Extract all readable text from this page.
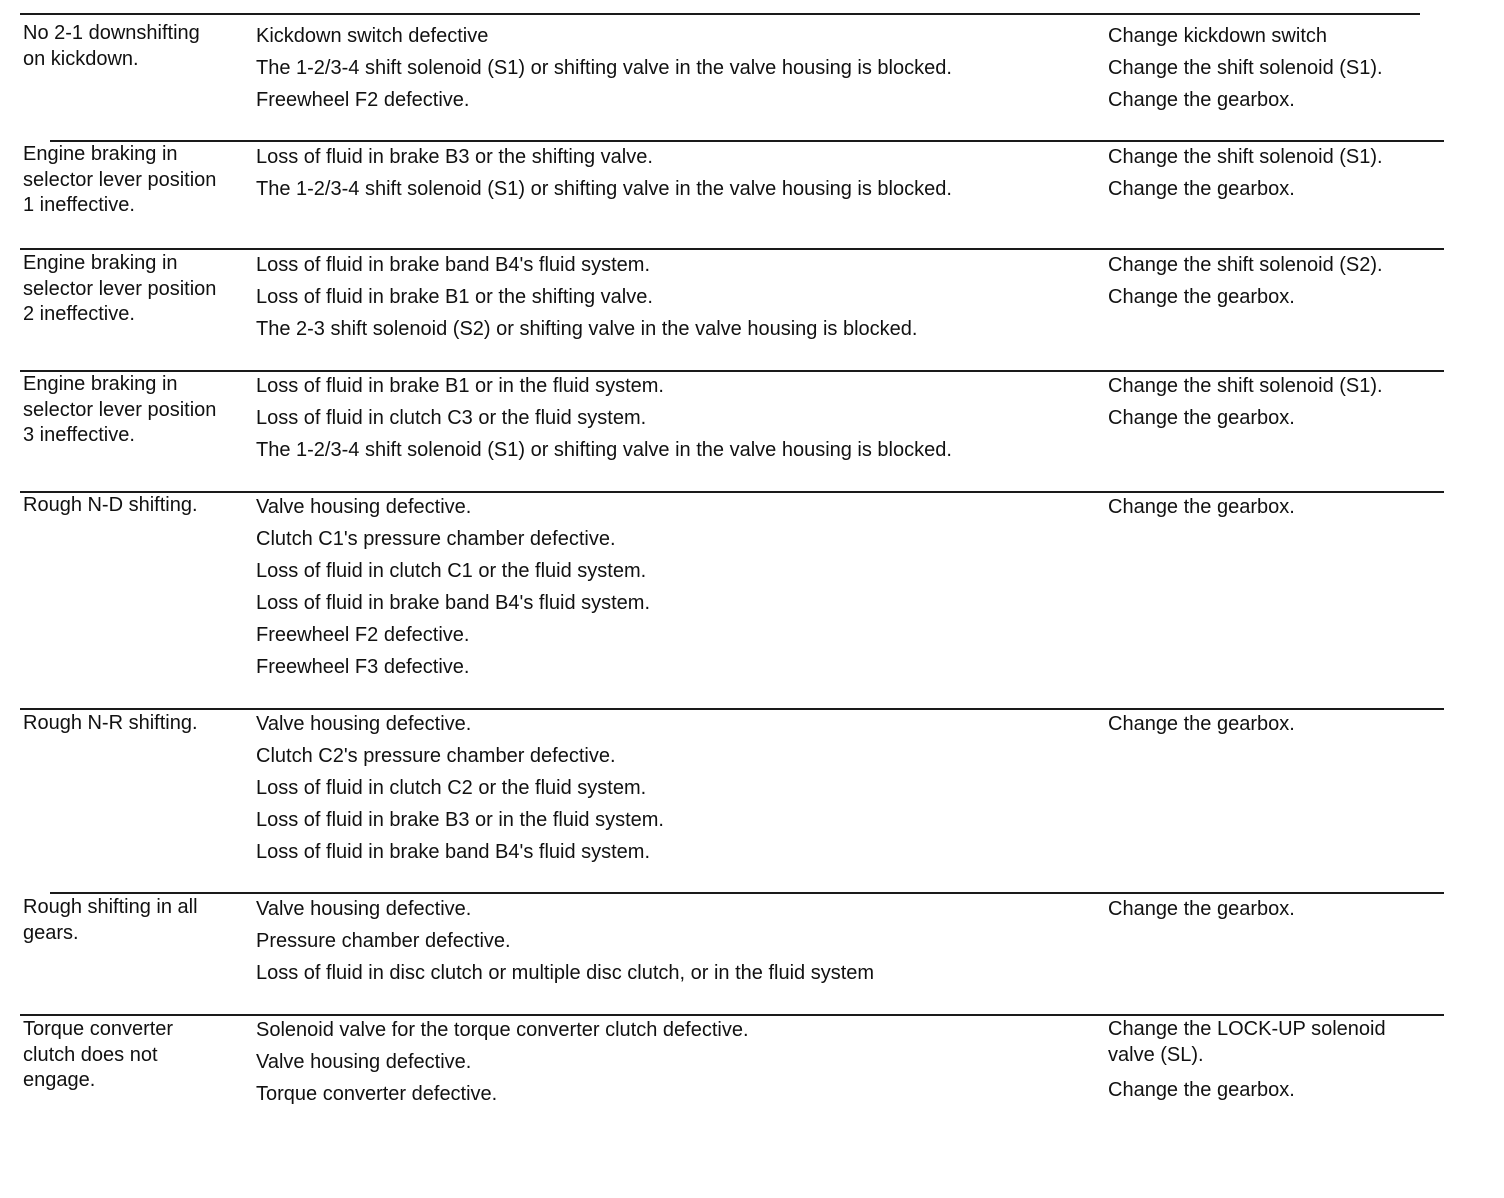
No 2-1 downshifting
on kickdown.
Kickdown switch defective
The 1-2/3-4 shift solenoid (S1) or shifting valve in the valve housing is blocked.
Freewheel F2 defective.
Change kickdown switch
Change the shift solenoid (S1).
Change the gearbox.
Engine braking in
selector lever position
1 ineffective.
Loss of fluid in brake B3 or the shifting valve.
The 1-2/3-4 shift solenoid (S1) or shifting valve in the valve housing is blocked.
Change the shift solenoid (S1).
Change the gearbox.
Engine braking in
selector lever position
2 ineffective.
Loss of fluid in brake band B4's fluid system.
Loss of fluid in brake B1 or the shifting valve.
The 2-3 shift solenoid (S2) or shifting valve in the valve housing is blocked.
Change the shift solenoid (S2).
Change the gearbox.
Engine braking in
selector lever position
3 ineffective.
Loss of fluid in brake B1 or in the fluid system.
Loss of fluid in clutch C3 or the fluid system.
The 1-2/3-4 shift solenoid (S1) or shifting valve in the valve housing is blocked.
Change the shift solenoid (S1).
Change the gearbox.
Rough N-D shifting.	Valve housing defective.
Clutch C1's pressure chamber defective.
Loss of fluid in clutch C1 or the fluid system.
Loss of fluid in brake band B4's fluid system.
Freewheel F2 defective.
Freewheel F3 defective.
Change the gearbox.
Rough N-R shifting.	Valve housing defective.
Clutch C2's pressure chamber defective.
Loss of fluid in clutch C2 or the fluid system.
Loss of fluid in brake B3 or in the fluid system.
Loss of fluid in brake band B4's fluid system.
Change the gearbox.
Rough shifting in all
gears.
Valve housing defective.
Pressure chamber defective.
Loss of fluid in disc clutch or multiple disc clutch, or in the fluid system
Change the gearbox.
Torque converter
clutch does not
engage.
Solenoid valve for the torque converter clutch defective.
Valve housing defective.
Torque converter defective.
Change the LOCK-UP solenoid valve (SL).
Change the gearbox.
